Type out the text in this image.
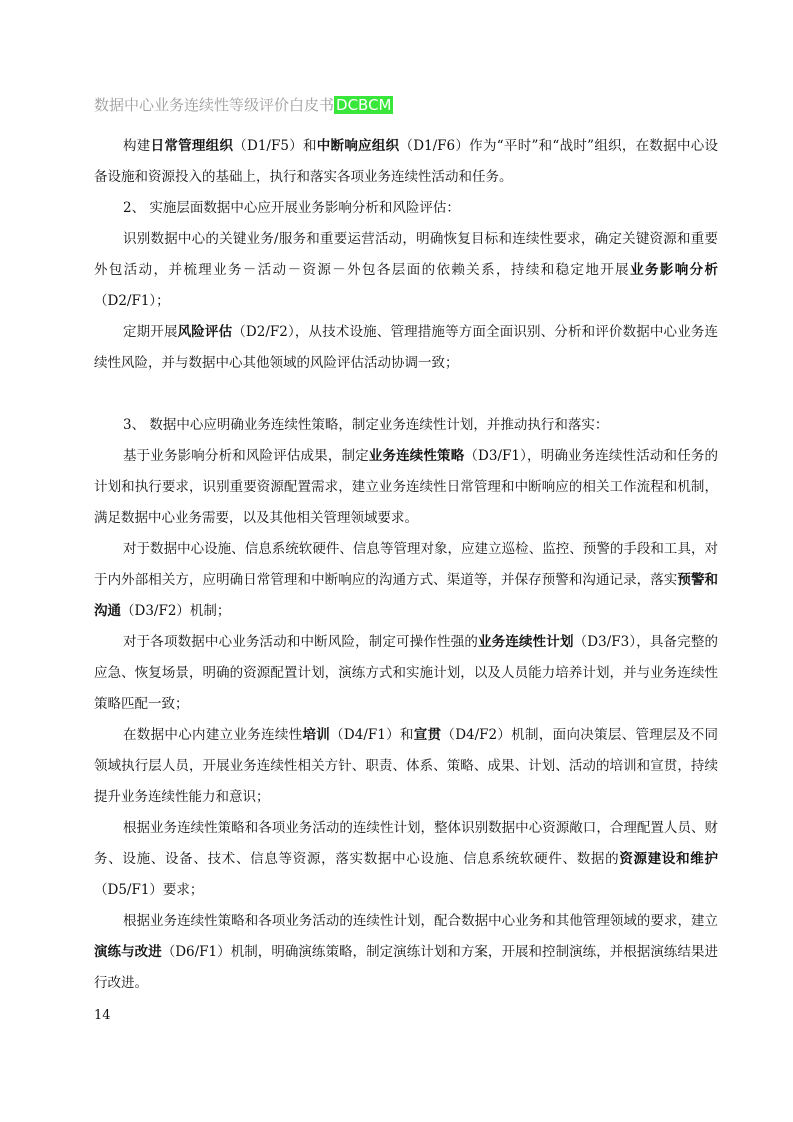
数据中心业务连续性等级评价白皮书 DCBCM

构建日常管理组织（D1/F5）和中断响应组织（D1/F6）作为“平时”和“战时”组织，在数据中心设备设施和资源投入的基础上，执行和落实各项业务连续性活动和任务。

2、 实施层面数据中心应开展业务影响分析和风险评估：

识别数据中心的关键业务/服务和重要运营活动，明确恢复目标和连续性要求，确定关键资源和重要外包活动，并梳理业务－活动－资源－外包各层面的依赖关系，持续和稳定地开展业务影响分析（D2/F1）；

定期开展风险评估（D2/F2），从技术设施、管理措施等方面全面识别、分析和评价数据中心业务连续性风险，并与数据中心其他领域的风险评估活动协调一致；

3、 数据中心应明确业务连续性策略，制定业务连续性计划，并推动执行和落实：

基于业务影响分析和风险评估成果，制定业务连续性策略（D3/F1），明确业务连续性活动和任务的计划和执行要求，识别重要资源配置需求，建立业务连续性日常管理和中断响应的相关工作流程和机制，满足数据中心业务需要，以及其他相关管理领域要求。

对于数据中心设施、信息系统软硬件、信息等管理对象，应建立巡检、监控、预警的手段和工具，对于内外部相关方，应明确日常管理和中断响应的沟通方式、渠道等，并保存预警和沟通记录，落实预警和沟通（D3/F2）机制；

对于各项数据中心业务活动和中断风险，制定可操作性强的业务连续性计划（D3/F3），具备完整的应急、恢复场景，明确的资源配置计划，演练方式和实施计划，以及人员能力培养计划，并与业务连续性策略匹配一致；

在数据中心内建立业务连续性培训（D4/F1）和宣贯（D4/F2）机制，面向决策层、管理层及不同领域执行层人员，开展业务连续性相关方针、职责、体系、策略、成果、计划、活动的培训和宣贯，持续提升业务连续性能力和意识；

根据业务连续性策略和各项业务活动的连续性计划，整体识别数据中心资源敞口，合理配置人员、财务、设施、设备、技术、信息等资源，落实数据中心设施、信息系统软硬件、数据的资源建设和维护（D5/F1）要求；

根据业务连续性策略和各项业务活动的连续性计划，配合数据中心业务和其他管理领域的要求，建立演练与改进（D6/F1）机制，明确演练策略，制定演练计划和方案，开展和控制演练，并根据演练结果进行改进。

14
